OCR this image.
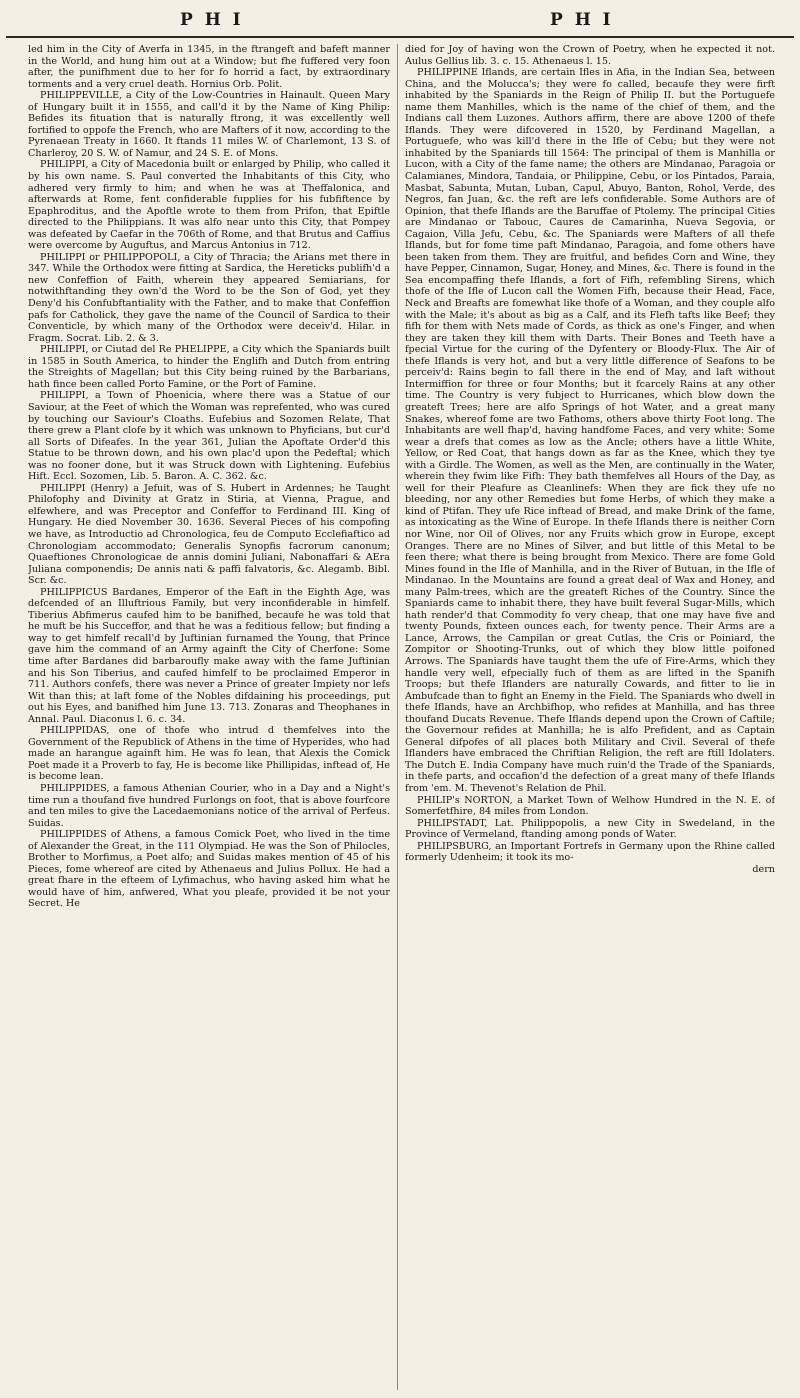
P H I	P H I

led him in the City of Averfa in 1345, in the ftrangeft and bafeft manner in the World, and hung him out at a Window; but fhe fuffered very foon after, the punifhment due to her for fo horrid a fact, by extraordinary torments and a very cruel death. Hornius Orb. Polit.

PHILIPPEVILLE, a City of the Low-Countries in Hainault. Queen Mary of Hungary built it in 1555, and call'd it by the Name of King Philip: Befides its fituation that is naturally ftrong, it was excellently well fortified to oppofe the French, who are Mafters of it now, according to the Pyrenaean Treaty in 1660. It ftands 11 miles W. of Charlemont, 13 S. of Charleroy, 20 S. W. of Namur, and 24 S. E. of Mons.

PHILIPPI, a City of Macedonia built or enlarged by Philip, who called it by his own name. S. Paul converted the Inhabitants of this City, who adhered very firmly to him; and when he was at Theffalonica, and afterwards at Rome, fent confiderable fupplies for his fubfiftence by Epaphroditus, and the Apoftle wrote to them from Prifon, that Epiftle directed to the Philippians. It was alfo near unto this City, that Pompey was defeated by Caefar in the 706th of Rome, and that Brutus and Caffius were overcome by Auguftus, and Marcus Antonius in 712.

PHILIPPI or PHILIPPOPOLI, a City of Thracia; the Arians met there in 347. While the Orthodox were fitting at Sardica, the Hereticks publifh'd a new Confeffion of Faith, wherein they appeared Semiarians, for notwithftanding they own'd the Word to be the Son of God, yet they Deny'd his Confubftantiality with the Father, and to make that Confeffion pafs for Catholick, they gave the name of the Council of Sardica to their Conventicle, by which many of the Orthodox were deceiv'd. Hilar. in Fragm. Socrat. Lib. 2. & 3.

PHILIPPI, or Ciutad del Re PHELIPPE, a City which the Spaniards built in 1585 in South America, to hinder the Englifh and Dutch from entring the Streights of Magellan; but this City being ruined by the Barbarians, hath fince been called Porto Famine, or the Port of Famine.

PHILIPPI, a Town of Phoenicia, where there was a Statue of our Saviour, at the Feet of which the Woman was reprefented, who was cured by touching our Saviour's Cloaths. Eufebius and Sozomen Relate, That there grew a Plant clofe by it which was unknown to Phyficians, but cur'd all Sorts of Difeafes. In the year 361, Julian the Apoftate Order'd this Statue to be thrown down, and his own plac'd upon the Pedeftal; which was no fooner done, but it was Struck down with Lightening. Eufebius Hift. Eccl. Sozomen, Lib. 5. Baron. A. C. 362. &c.

PHILIPPI (Henry) a Jefuit, was of S. Hubert in Ardennes; he Taught Philofophy and Divinity at Gratz in Stiria, at Vienna, Prague, and elfewhere, and was Preceptor and Confeffor to Ferdinand III. King of Hungary. He died November 30. 1636. Several Pieces of his compofing we have, as Introductio ad Chronologica, feu de Computo Ecclefiaftico ad Chronologiam accommodato; Generalis Synopfis facrorum canonum; Quaeftiones Chronologicae de annis domini Juliani, Nabonaffari & AEra Juliana componendis; De annis nati & paffi falvatoris, &c. Alegamb. Bibl. Scr. &c.

PHILIPPICUS Bardanes, Emperor of the Eaft in the Eighth Age, was defcended of an Illuftrious Family, but very inconfiderable in himfelf. Tiberius Abfimerus caufed him to be banifhed, becaufe he was told that he muft be his Succeffor, and that he was a feditious fellow; but finding a way to get himfelf recall'd by Juftinian furnamed the Young, that Prince gave him the command of an Army againft the City of Cherfone: Some time after Bardanes did barbaroufly make away with the fame Juftinian and his Son Tiberius, and caufed himfelf to be proclaimed Emperor in 711. Authors confefs, there was never a Prince of greater Impiety nor lefs Wit than this; at laft fome of the Nobles difdaining his proceedings, put out his Eyes, and banifhed him June 13. 713. Zonaras and Theophanes in Annal. Paul. Diaconus l. 6. c. 34.

PHILIPPIDAS, one of thofe who intrud d themfelves into the Government of the Republick of Athens in the time of Hyperides, who had made an harangue againft him. He was fo lean, that Alexis the Comick Poet made it a Proverb to fay, He is become like Phillipidas, inftead of, He is become lean.

PHILIPPIDES, a famous Athenian Courier, who in a Day and a Night's time run a thoufand five hundred Furlongs on foot, that is above fourfcore and ten miles to give the Lacedaemonians notice of the arrival of Perfeus. Suidas.

PHILIPPIDES of Athens, a famous Comick Poet, who lived in the time of Alexander the Great, in the 111 Olympiad. He was the Son of Philocles, Brother to Morfimus, a Poet alfo; and Suidas makes mention of 45 of his Pieces, fome whereof are cited by Athenaeus and Julius Pollux. He had a great fhare in the efteem of Lyfimachus, who having asked him what he would have of him, anfwered, What you pleafe, provided it be not your Secret. He

died for Joy of having won the Crown of Poetry, when he expected it not. Aulus Gellius lib. 3. c. 15. Athenaeus l. 15.

PHILIPPINE Iflands, are certain Ifles in Afia, in the Indian Sea, between China, and the Molucca's; they were fo called, becaufe they were firft inhabited by the Spaniards in the Reign of Philip II. but the Portuguefe name them Manhilles, which is the name of the chief of them, and the Indians call them Luzones. Authors affirm, there are above 1200 of thefe Iflands. They were difcovered in 1520, by Ferdinand Magellan, a Portuguefe, who was kill'd there in the Ifle of Cebu; but they were not inhabited by the Spaniards till 1564: The principal of them is Manhilla or Lucon, with a City of the fame name; the others are Mindanao, Paragoia or Calamianes, Mindora, Tandaia, or Philippine, Cebu, or los Pintados, Paraia, Masbat, Sabunta, Mutan, Luban, Capul, Abuyo, Banton, Rohol, Verde, des Negros, fan Juan, &c. the reft are lefs confiderable. Some Authors are of Opinion, that thefe Iflands are the Baruffae of Ptolemy. The principal Cities are Mindanao or Tabouc, Caures de Camarinha, Nueva Segovia, or Cagaion, Villa Jefu, Cebu, &c. The Spaniards were Mafters of all thefe Iflands, but for fome time paft Mindanao, Paragoia, and fome others have been taken from them. They are fruitful, and befides Corn and Wine, they have Pepper, Cinnamon, Sugar, Honey, and Mines, &c. There is found in the Sea encompaffing thefe Iflands, a fort of Fifh, refembling Sirens, which thofe of the Ifle of Lucon call the Women Fifh, because their Head, Face, Neck and Breafts are fomewhat like thofe of a Woman, and they couple alfo with the Male; it's about as big as a Calf, and its Flefh tafts like Beef; they fifh for them with Nets made of Cords, as thick as one's Finger, and when they are taken they kill them with Darts. Their Bones and Teeth have a fpecial Virtue for the curing of the Dyfentery or Bloody-Flux. The Air of thefe Iflands is very hot, and but a very little difference of Seafons to be perceiv'd: Rains begin to fall there in the end of May, and laft without Intermiffion for three or four Months; but it fcarcely Rains at any other time. The Country is very fubject to Hurricanes, which blow down the greateft Trees; here are alfo Springs of hot Water, and a great many Snakes, whereof fome are two Fathoms, others above thirty Foot long. The Inhabitants are well fhap'd, having handfome Faces, and very white: Some wear a drefs that comes as low as the Ancle; others have a little White, Yellow, or Red Coat, that hangs down as far as the Knee, which they tye with a Girdle. The Women, as well as the Men, are continually in the Water, wherein they fwim like Fifh: They bath themfelves all Hours of the Day, as well for their Pleafure as Cleanlinefs: When they are fick they ufe no bleeding, nor any other Remedies but fome Herbs, of which they make a kind of Ptifan. They ufe Rice inftead of Bread, and make Drink of the fame, as intoxicating as the Wine of Europe. In thefe Iflands there is neither Corn nor Wine, nor Oil of Olives, nor any Fruits which grow in Europe, except Oranges. There are no Mines of Silver, and but little of this Metal to be feen there; what there is being brought from Mexico. There are fome Gold Mines found in the Ifle of Manhilla, and in the River of Butuan, in the Ifle of Mindanao. In the Mountains are found a great deal of Wax and Honey, and many Palm-trees, which are the greateft Riches of the Country. Since the Spaniards came to inhabit there, they have built feveral Sugar-Mills, which hath render'd that Commodity fo very cheap, that one may have five and twenty Pounds, fixteen ounces each, for twenty pence. Their Arms are a Lance, Arrows, the Campilan or great Cutlas, the Cris or Poiniard, the Zompitor or Shooting-Trunks, out of which they blow little poifoned Arrows. The Spaniards have taught them the ufe of Fire-Arms, which they handle very well, efpecially fuch of them as are lifted in the Spanifh Troops; but thefe Iflanders are naturally Cowards, and fitter to lie in Ambufcade than to fight an Enemy in the Field. The Spaniards who dwell in thefe Iflands, have an Archbifhop, who refides at Manhilla, and has three thoufand Ducats Revenue. Thefe Iflands depend upon the Crown of Caftile; the Governour refides at Manhilla; he is alfo Prefident, and as Captain General difpofes of all places both Military and Civil. Several of thefe Iflanders have embraced the Chriftian Religion, the reft are ftill Idolaters. The Dutch E. India Company have much ruin'd the Trade of the Spaniards, in thefe parts, and occafion'd the defection of a great many of thefe Iflands from 'em. M. Thevenot's Relation de Phil.

PHILIP's NORTON, a Market Town of Welhow Hundred in the N. E. of Somerfetfhire, 84 miles from London.

PHILIPSTADT, Lat. Philippopolis, a new City in Swedeland, in the Province of Vermeland, ftanding among ponds of Water.

PHILIPSBURG, an Important Fortrefs in Germany upon the Rhine called formerly Udenheim; it took its mo-

dern
